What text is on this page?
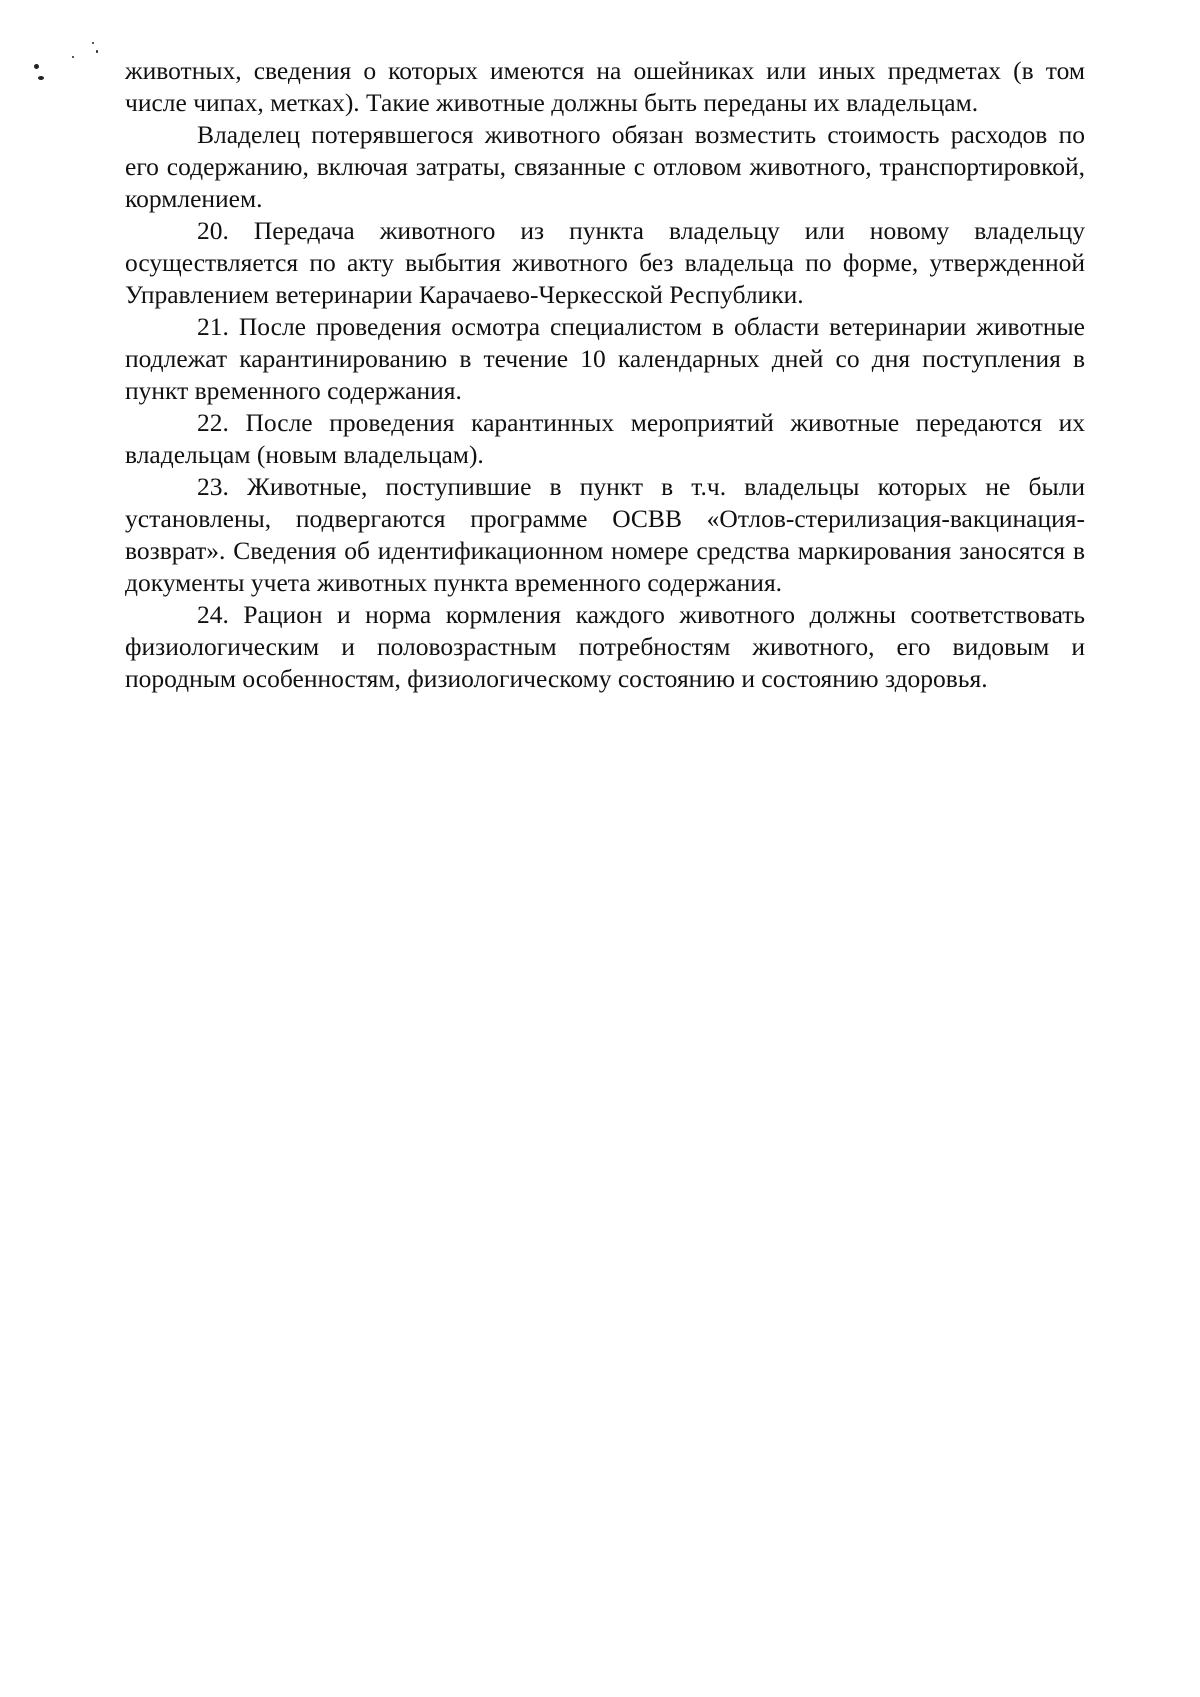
животных, сведения о которых имеются на ошейниках или иных предметах (в том числе чипах, метках). Такие животные должны быть переданы их владельцам.

Владелец потерявшегося животного обязан возместить стоимость расходов по его содержанию, включая затраты, связанные с отловом животного, транспортировкой, кормлением.

20. Передача животного из пункта владельцу или новому владельцу осуществляется по акту выбытия животного без владельца по форме, утвержденной Управлением ветеринарии Карачаево-Черкесской Республики.

21. После проведения осмотра специалистом в области ветеринарии животные подлежат карантинированию в течение 10 календарных дней со дня поступления в пункт временного содержания.

22. После проведения карантинных мероприятий животные передаются их владельцам (новым владельцам).

23. Животные, поступившие в пункт в т.ч. владельцы которых не были установлены, подвергаются программе ОСВВ «Отлов-стерилизация-вакцинация-возврат». Сведения об идентификационном номере средства маркирования заносятся в документы учета животных пункта временного содержания.

24. Рацион и норма кормления каждого животного должны соответствовать физиологическим и половозрастным потребностям животного, его видовым и породным особенностям, физиологическому состоянию и состоянию здоровья.
